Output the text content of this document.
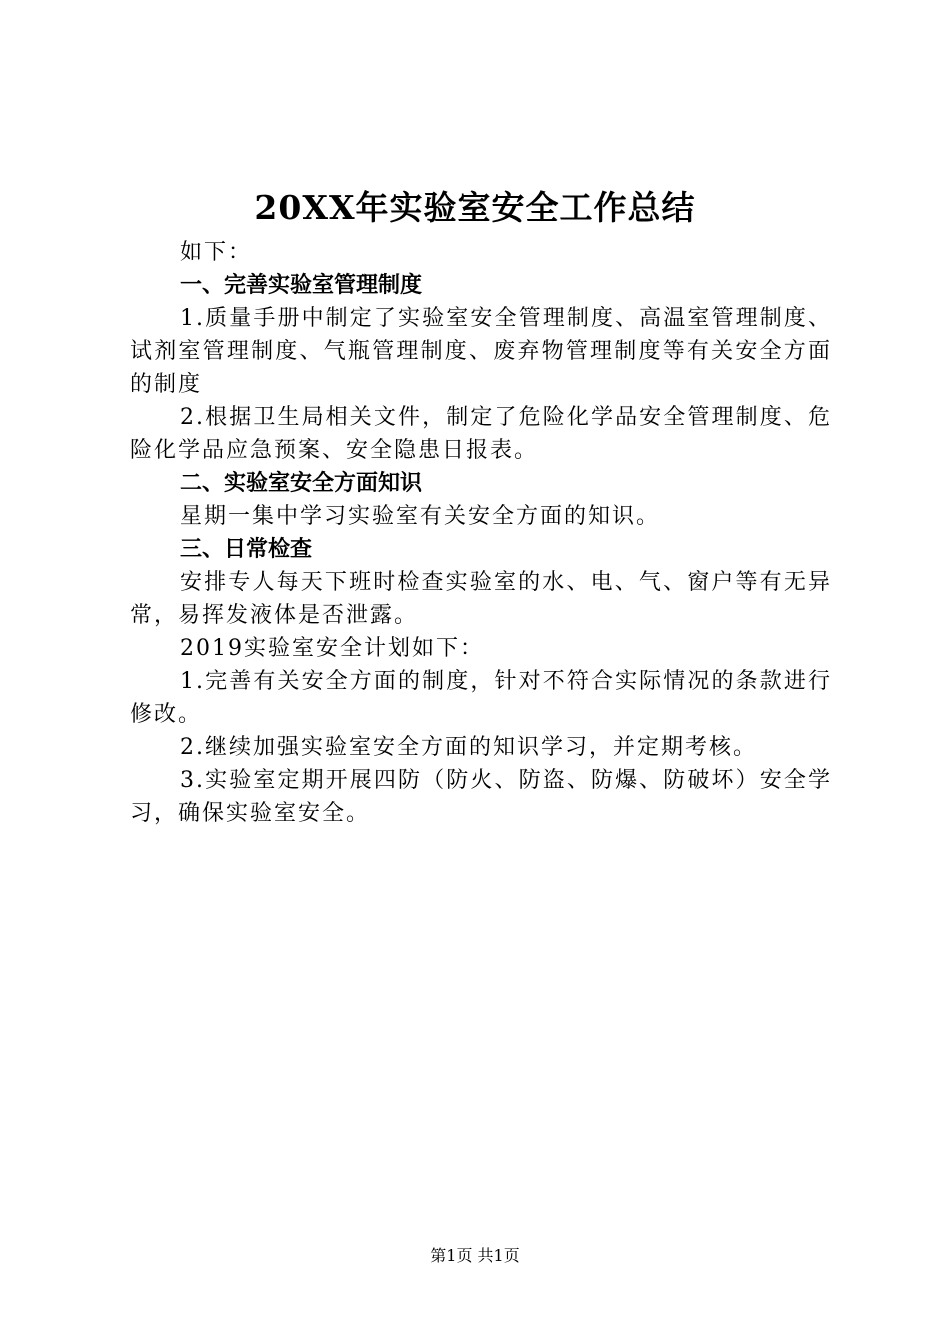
20XX年实验室安全工作总结

如下：

一、完善实验室管理制度

1.质量手册中制定了实验室安全管理制度、高温室管理制度、试剂室管理制度、气瓶管理制度、废弃物管理制度等有关安全方面的制度

2.根据卫生局相关文件，制定了危险化学品安全管理制度、危险化学品应急预案、安全隐患日报表。

二、实验室安全方面知识

星期一集中学习实验室有关安全方面的知识。

三、日常检查

安排专人每天下班时检查实验室的水、电、气、窗户等有无异常，易挥发液体是否泄露。

2019实验室安全计划如下：

1.完善有关安全方面的制度，针对不符合实际情况的条款进行修改。

2.继续加强实验室安全方面的知识学习，并定期考核。

3.实验室定期开展四防（防火、防盗、防爆、防破坏）安全学习，确保实验室安全。

第1页 共1页
